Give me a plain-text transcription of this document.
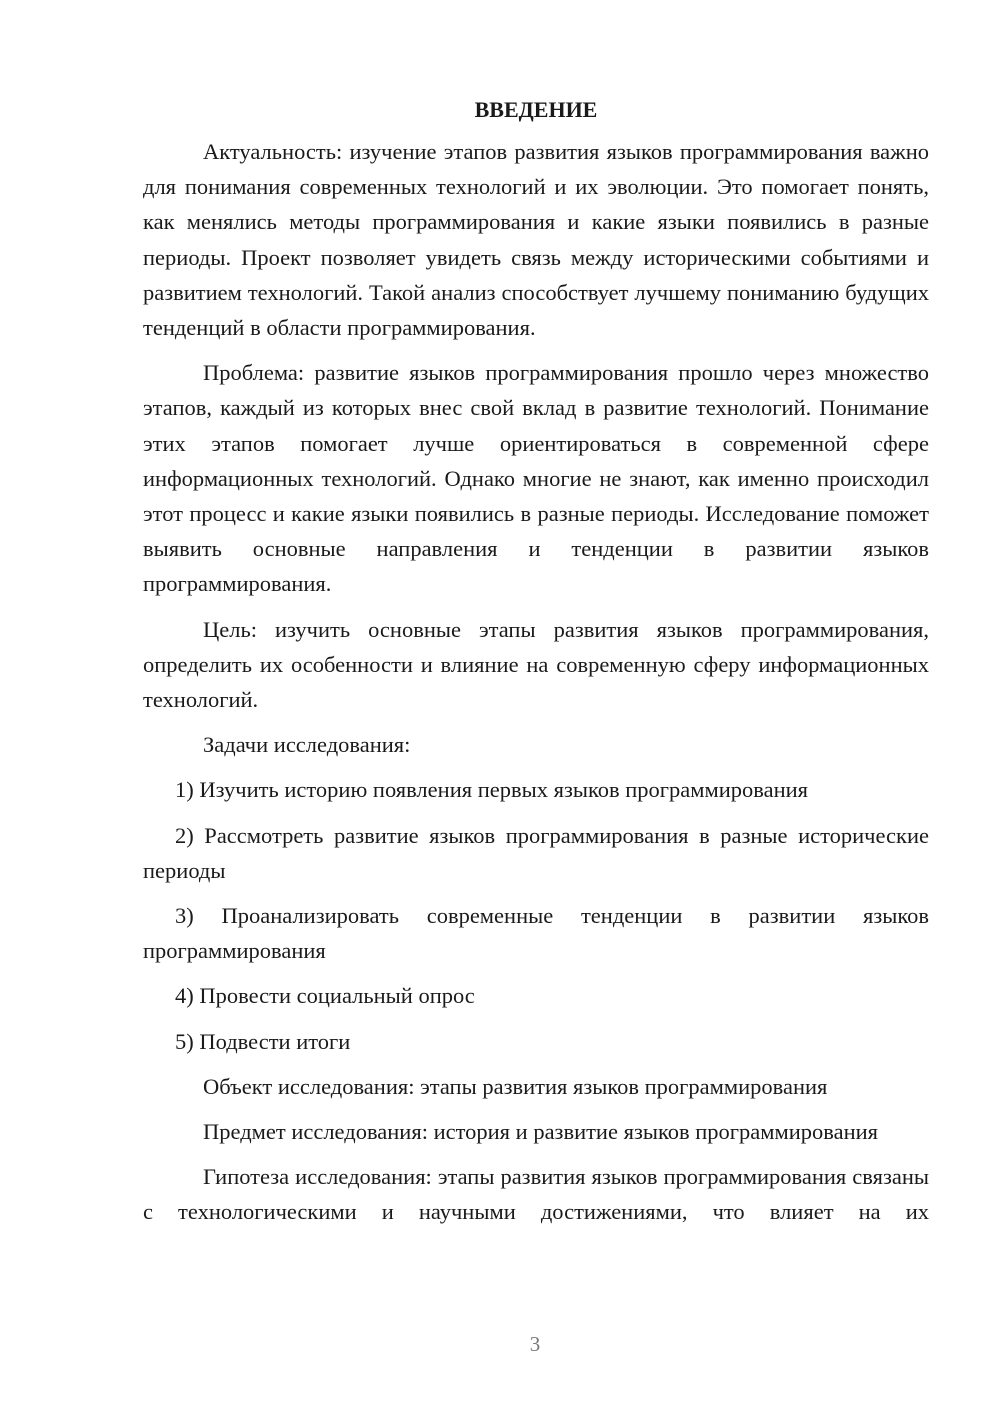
ВВЕДЕНИЕ

Актуальность: изучение этапов развития языков программирования важно для понимания современных технологий и их эволюции. Это помогает понять, как менялись методы программирования и какие языки появились в разные периоды. Проект позволяет увидеть связь между историческими событиями и развитием технологий. Такой анализ способствует лучшему пониманию будущих тенденций в области программирования.

Проблема: развитие языков программирования прошло через множество этапов, каждый из которых внес свой вклад в развитие технологий. Понимание этих этапов помогает лучше ориентироваться в современной сфере информационных технологий. Однако многие не знают, как именно происходил этот процесс и какие языки появились в разные периоды. Исследование поможет выявить основные направления и тенденции в развитии языков программирования.

Цель: изучить основные этапы развития языков программирования, определить их особенности и влияние на современную сферу информационных технологий.

Задачи исследования:

1) Изучить историю появления первых языков программирования

2) Рассмотреть развитие языков программирования в разные исторические периоды

3) Проанализировать современные тенденции в развитии языков программирования

4) Провести социальный опрос

5) Подвести итоги

Объект исследования: этапы развития языков программирования

Предмет исследования: история и развитие языков программирования

Гипотеза исследования: этапы развития языков программирования связаны с технологическими и научными достижениями, что влияет на их

3
